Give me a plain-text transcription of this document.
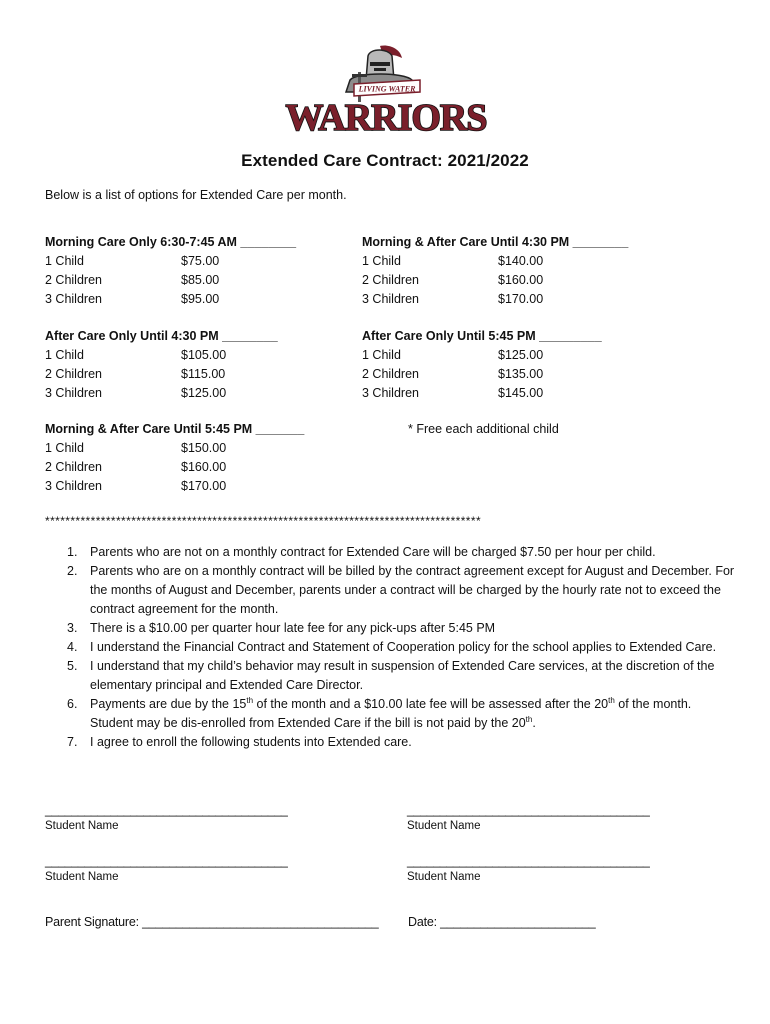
LIVING WATER
WARRIORS
Extended Care Contract: 2021/2022
Below is a list of options for Extended Care per month.
Morning Care Only 6:30-7:45 AM ________
1 Child	$75.00
2 Children	$85.00
3 Children	$95.00
Morning & After Care Until 4:30 PM ________
1 Child	$140.00
2 Children	$160.00
3 Children	$170.00
After Care Only Until 4:30 PM ________
1 Child	$105.00
2 Children	$115.00
3 Children	$125.00
After Care Only Until 5:45 PM _________
1 Child	$125.00
2 Children	$135.00
3 Children	$145.00
Morning & After Care Until 5:45 PM _______
1 Child	$150.00
2 Children	$160.00
3 Children	$170.00
* Free each additional child
**************************************************************************************
1. Parents who are not on a monthly contract for Extended Care will be charged $7.50 per hour per child.
2. Parents who are on a monthly contract will be billed by the contract agreement except for August and December. For the months of August and December, parents under a contract will be charged by the hourly rate not to exceed the contract agreement for the month.
3. There is a $10.00 per quarter hour late fee for any pick-ups after 5:45 PM
4. I understand the Financial Contract and Statement of Cooperation policy for the school applies to Extended Care.
5. I understand that my child’s behavior may result in suspension of Extended Care services, at the discretion of the elementary principal and Extended Care Director.
6. Payments are due by the 15th of the month and a $10.00 late fee will be assessed after the 20th of the month. Student may be dis-enrolled from Extended Care if the bill is not paid by the 20th.
7. I agree to enroll the following students into Extended care.
_____________________________________
Student Name
_____________________________________
Student Name
_____________________________________
Student Name
_____________________________________
Student Name
Parent Signature: ___________________________________ Date: _______________________
